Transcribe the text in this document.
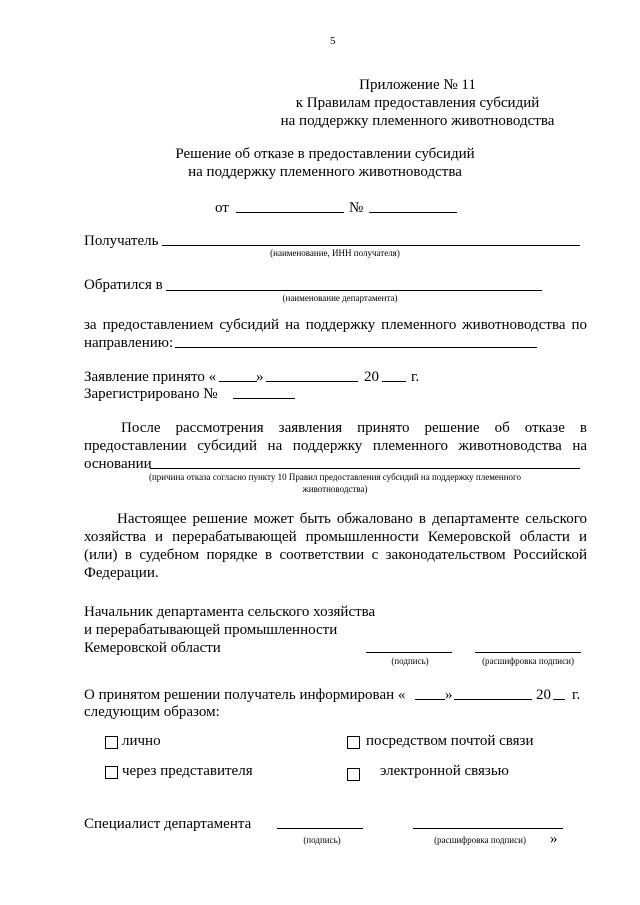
5
Приложение № 11
к Правилам предоставления субсидий
на поддержку племенного животноводства
Решение об отказе в предоставлении субсидий
на поддержку племенного животноводства
от	№
Получатель
(наименование, ИНН получателя)
Обратился в
(наименование департамента)
за предоставлением субсидий на поддержку племенного животноводства по
направлению:
Заявление принято «	»	20 г.
Зарегистрировано №
После рассмотрения заявления принято решение об отказе в
предоставлении субсидий на поддержку племенного животноводства на
основании
(причина отказа согласно пункту 10 Правил предоставления субсидий на поддержку племенного
животноводства)
Настоящее решение может быть обжаловано в департаменте сельского
хозяйства и перерабатывающей промышленности Кемеровской области и
(или) в судебном порядке в соответствии с законодательством Российской
Федерации.
Начальник департамента сельского хозяйства
и перерабатывающей промышленности
Кемеровской области
(подпись)	(расшифровка подписи)
О принятом решении получатель информирован «	»	20 г.
следующим образом:
лично	посредством почтой связи
через представителя	электронной связью
Специалист департамента
(подпись)	(расшифровка подписи)	»
